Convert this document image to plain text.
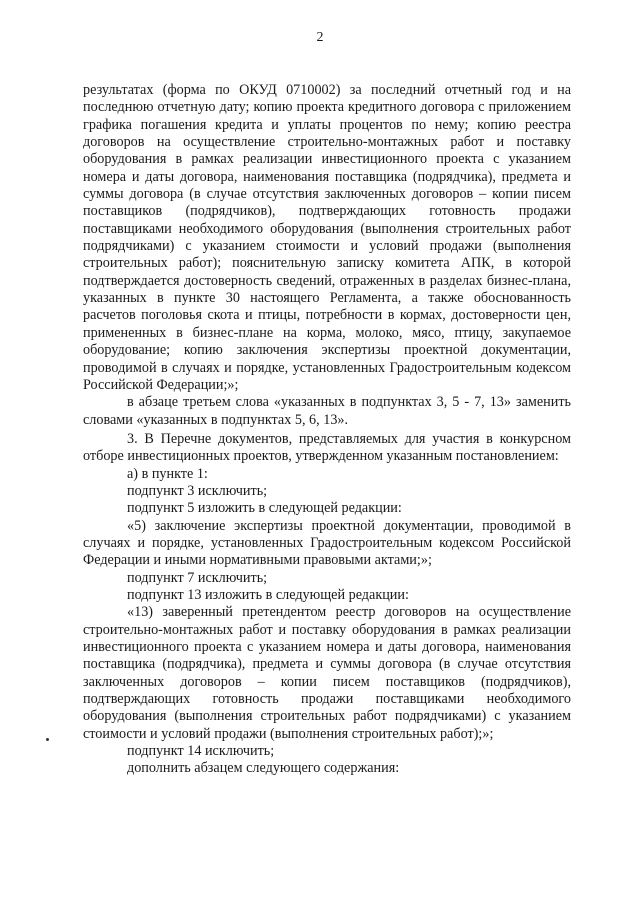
2

результатах (форма по ОКУД 0710002) за последний отчетный год и на последнюю отчетную дату; копию проекта кредитного договора с приложением графика погашения кредита и уплаты процентов по нему; копию реестра договоров на осуществление строительно-монтажных работ и поставку оборудования в рамках реализации инвестиционного проекта с указанием номера и даты договора, наименования поставщика (подрядчика), предмета и суммы договора (в случае отсутствия заключенных договоров – копии писем поставщиков (подрядчиков), подтверждающих готовность продажи поставщиками необходимого оборудования (выполнения строительных работ подрядчиками) с указанием стоимости и условий продажи (выполнения строительных работ); пояснительную записку комитета АПК, в которой подтверждается достоверность сведений, отраженных в разделах бизнес-плана, указанных в пункте 30 настоящего Регламента, а также обоснованность расчетов поголовья скота и птицы, потребности в кормах, достоверности цен, примененных в бизнес-плане на корма, молоко, мясо, птицу, закупаемое оборудование; копию заключения экспертизы проектной документации, проводимой в случаях и порядке, установленных Градостроительным кодексом Российской Федерации;»;

в абзаце третьем слова «указанных в подпунктах 3, 5 - 7, 13» заменить словами «указанных в подпунктах 5, 6, 13».

3. В Перечне документов, представляемых для участия в конкурсном отборе инвестиционных проектов, утвержденном указанным постановлением:

а) в пункте 1:

подпункт 3 исключить;

подпункт 5 изложить в следующей редакции:

«5) заключение экспертизы проектной документации, проводимой в случаях и порядке, установленных Градостроительным кодексом Российской Федерации и иными нормативными правовыми актами;»;

подпункт 7 исключить;

подпункт 13 изложить в следующей редакции:

«13) заверенный претендентом реестр договоров на осуществление строительно-монтажных работ и поставку оборудования в рамках реализации инвестиционного проекта с указанием номера и даты договора, наименования поставщика (подрядчика), предмета и суммы договора (в случае отсутствия заключенных договоров – копии писем поставщиков (подрядчиков), подтверждающих готовность продажи поставщиками необходимого оборудования (выполнения строительных работ подрядчиками) с указанием стоимости и условий продажи (выполнения строительных работ);»;

подпункт 14 исключить;

дополнить абзацем следующего содержания:
